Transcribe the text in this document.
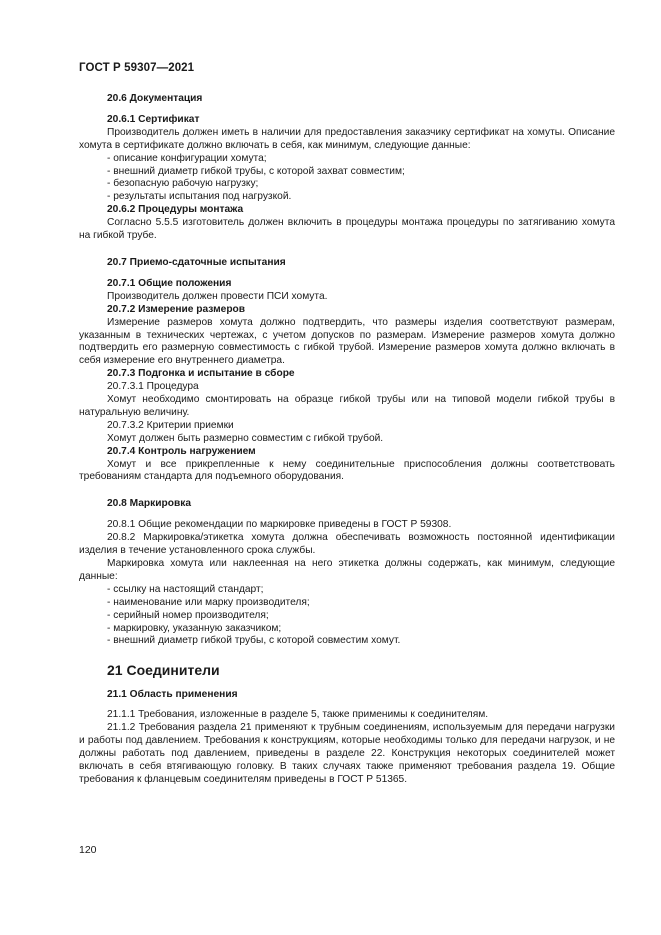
ГОСТ Р 59307—2021
20.6 Документация
20.6.1 Сертификат
Производитель должен иметь в наличии для предоставления заказчику сертификат на хомуты. Описание хомута в сертификате должно включать в себя, как минимум, следующие данные:
- описание конфигурации хомута;
- внешний диаметр гибкой трубы, с которой захват совместим;
- безопасную рабочую нагрузку;
- результаты испытания под нагрузкой.
20.6.2 Процедуры монтажа
Согласно 5.5.5 изготовитель должен включить в процедуры монтажа процедуры по затягиванию хомута на гибкой трубе.
20.7 Приемо-сдаточные испытания
20.7.1 Общие положения
Производитель должен провести ПСИ хомута.
20.7.2 Измерение размеров
Измерение размеров хомута должно подтвердить, что размеры изделия соответствуют размерам, указанным в технических чертежах, с учетом допусков по размерам. Измерение размеров хомута должно подтвердить его размерную совместимость с гибкой трубой. Измерение размеров хомута должно включать в себя измерение его внутреннего диаметра.
20.7.3 Подгонка и испытание в сборе
20.7.3.1 Процедура
Хомут необходимо смонтировать на образце гибкой трубы или на типовой модели гибкой трубы в натуральную величину.
20.7.3.2 Критерии приемки
Хомут должен быть размерно совместим с гибкой трубой.
20.7.4 Контроль нагружением
Хомут и все прикрепленные к нему соединительные приспособления должны соответствовать требованиям стандарта для подъемного оборудования.
20.8 Маркировка
20.8.1 Общие рекомендации по маркировке приведены в ГОСТ Р 59308.
20.8.2 Маркировка/этикетка хомута должна обеспечивать возможность постоянной идентификации изделия в течение установленного срока службы.
Маркировка хомута или наклеенная на него этикетка должны содержать, как минимум, следующие данные:
- ссылку на настоящий стандарт;
- наименование или марку производителя;
- серийный номер производителя;
- маркировку, указанную заказчиком;
- внешний диаметр гибкой трубы, с которой совместим хомут.
21 Соединители
21.1 Область применения
21.1.1 Требования, изложенные в разделе 5, также применимы к соединителям.
21.1.2 Требования раздела 21 применяют к трубным соединениям, используемым для передачи нагрузки и работы под давлением. Требования к конструкциям, которые необходимы только для передачи нагрузок, и не должны работать под давлением, приведены в разделе 22. Конструкция некоторых соединителей может включать в себя втягивающую головку. В таких случаях также применяют требования раздела 19. Общие требования к фланцевым соединителям приведены в ГОСТ Р 51365.
120
